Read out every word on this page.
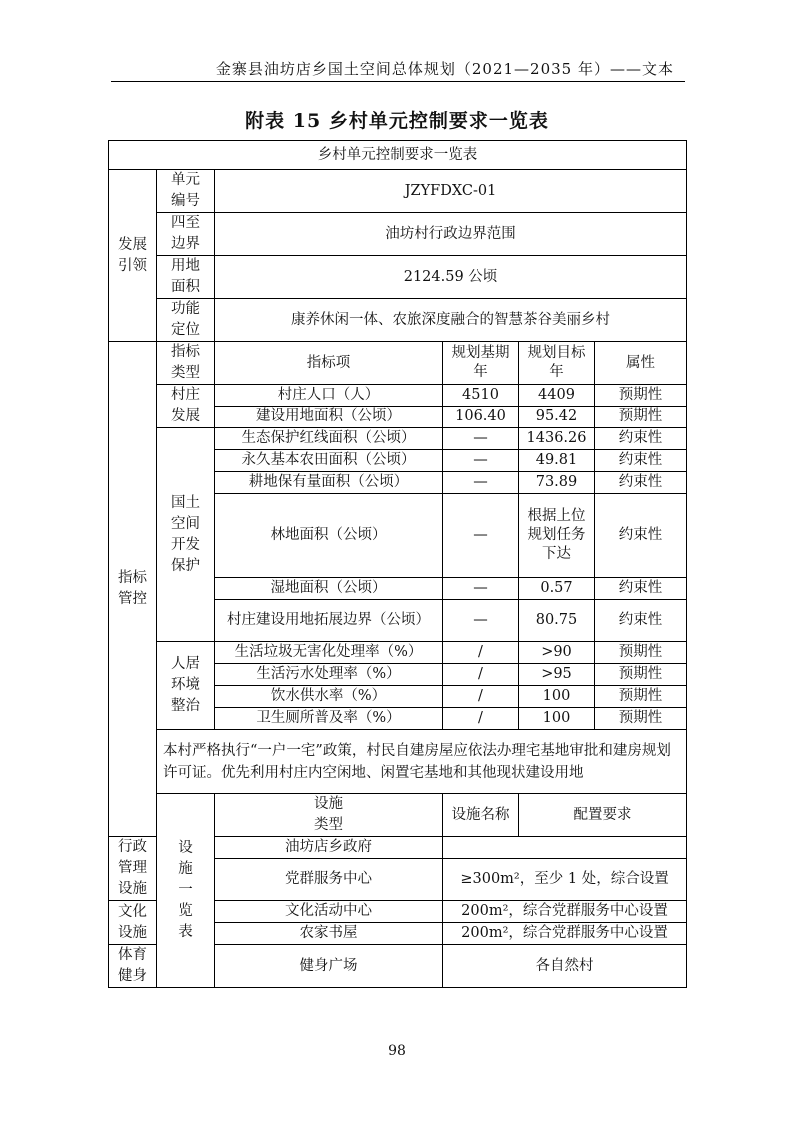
金寨县油坊店乡国土空间总体规划（2021—2035 年）——文本
附表 15 乡村单元控制要求一览表
乡村单元控制要求一览表					
发展引领	单元编号	JZYFDXC-01			
	四至边界	油坊村行政边界范围			
	用地面积	2124.59 公顷			
	功能定位	康养休闲一体、农旅深度融合的智慧茶谷美丽乡村			
指标管控	指标类型	指标项	规划基期年	规划目标年	属性
	村庄发展	村庄人口（人）	4510	4409	预期性
		建设用地面积（公顷）	106.40	95.42	预期性
	国土空间开发保护	生态保护红线面积（公顷）	—	1436.26	约束性
		永久基本农田面积（公顷）	—	49.81	约束性
		耕地保有量面积（公顷）	—	73.89	约束性
		林地面积（公顷）	—	根据上位规划任务下达	约束性
		湿地面积（公顷）	—	0.57	约束性
		村庄建设用地拓展边界（公顷）	—	80.75	约束性
	人居环境整治	生活垃圾无害化处理率（%）	/	>90	预期性
		生活污水处理率（%）	/	>95	预期性
		饮水供水率（%）	/	100	预期性
		卫生厕所普及率（%）	/	100	预期性
	本村严格执行“一户一宅”政策，村民自建房屋应依法办理宅基地审批和建房规划许可证。优先利用村庄内空闲地、闲置宅基地和其他现状建设用地				
	设施一览表	设施类型	设施名称	配置要求	
行政管理设施		油坊店乡政府			
		党群服务中心	≥300m²，至少 1 处，综合设置		
文化设施		文化活动中心	200m²，综合党群服务中心设置		
		农家书屋	200m²，综合党群服务中心设置		
体育健身		健身广场	各自然村		
98
